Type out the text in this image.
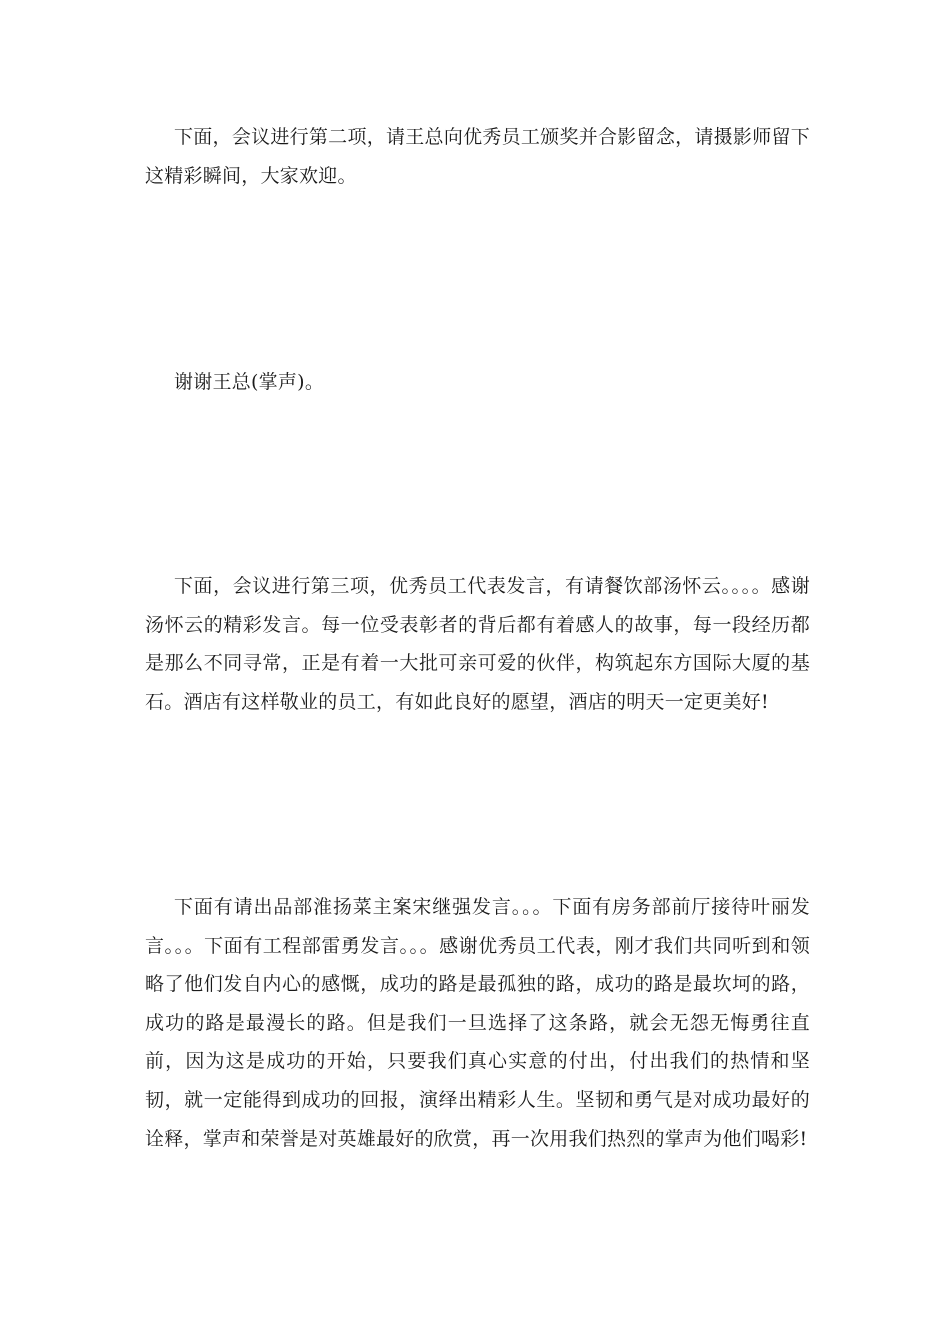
下面，会议进行第二项，请王总向优秀员工颁奖并合影留念，请摄影师留下这精彩瞬间，大家欢迎。

谢谢王总(掌声)。

下面，会议进行第三项，优秀员工代表发言，有请餐饮部汤怀云。。。。感谢汤怀云的精彩发言。每一位受表彰者的背后都有着感人的故事，每一段经历都是那么不同寻常，正是有着一大批可亲可爱的伙伴，构筑起东方国际大厦的基石。酒店有这样敬业的员工，有如此良好的愿望，酒店的明天一定更美好!

下面有请出品部淮扬菜主案宋继强发言。。。下面有房务部前厅接待叶丽发言。。。下面有工程部雷勇发言。。。感谢优秀员工代表，刚才我们共同听到和领略了他们发自内心的感慨，成功的路是最孤独的路，成功的路是最坎坷的路，成功的路是最漫长的路。但是我们一旦选择了这条路，就会无怨无悔勇往直前，因为这是成功的开始，只要我们真心实意的付出，付出我们的热情和坚韧，就一定能得到成功的回报，演绎出精彩人生。坚韧和勇气是对成功最好的诠释，掌声和荣誉是对英雄最好的欣赏，再一次用我们热烈的掌声为他们喝彩!
